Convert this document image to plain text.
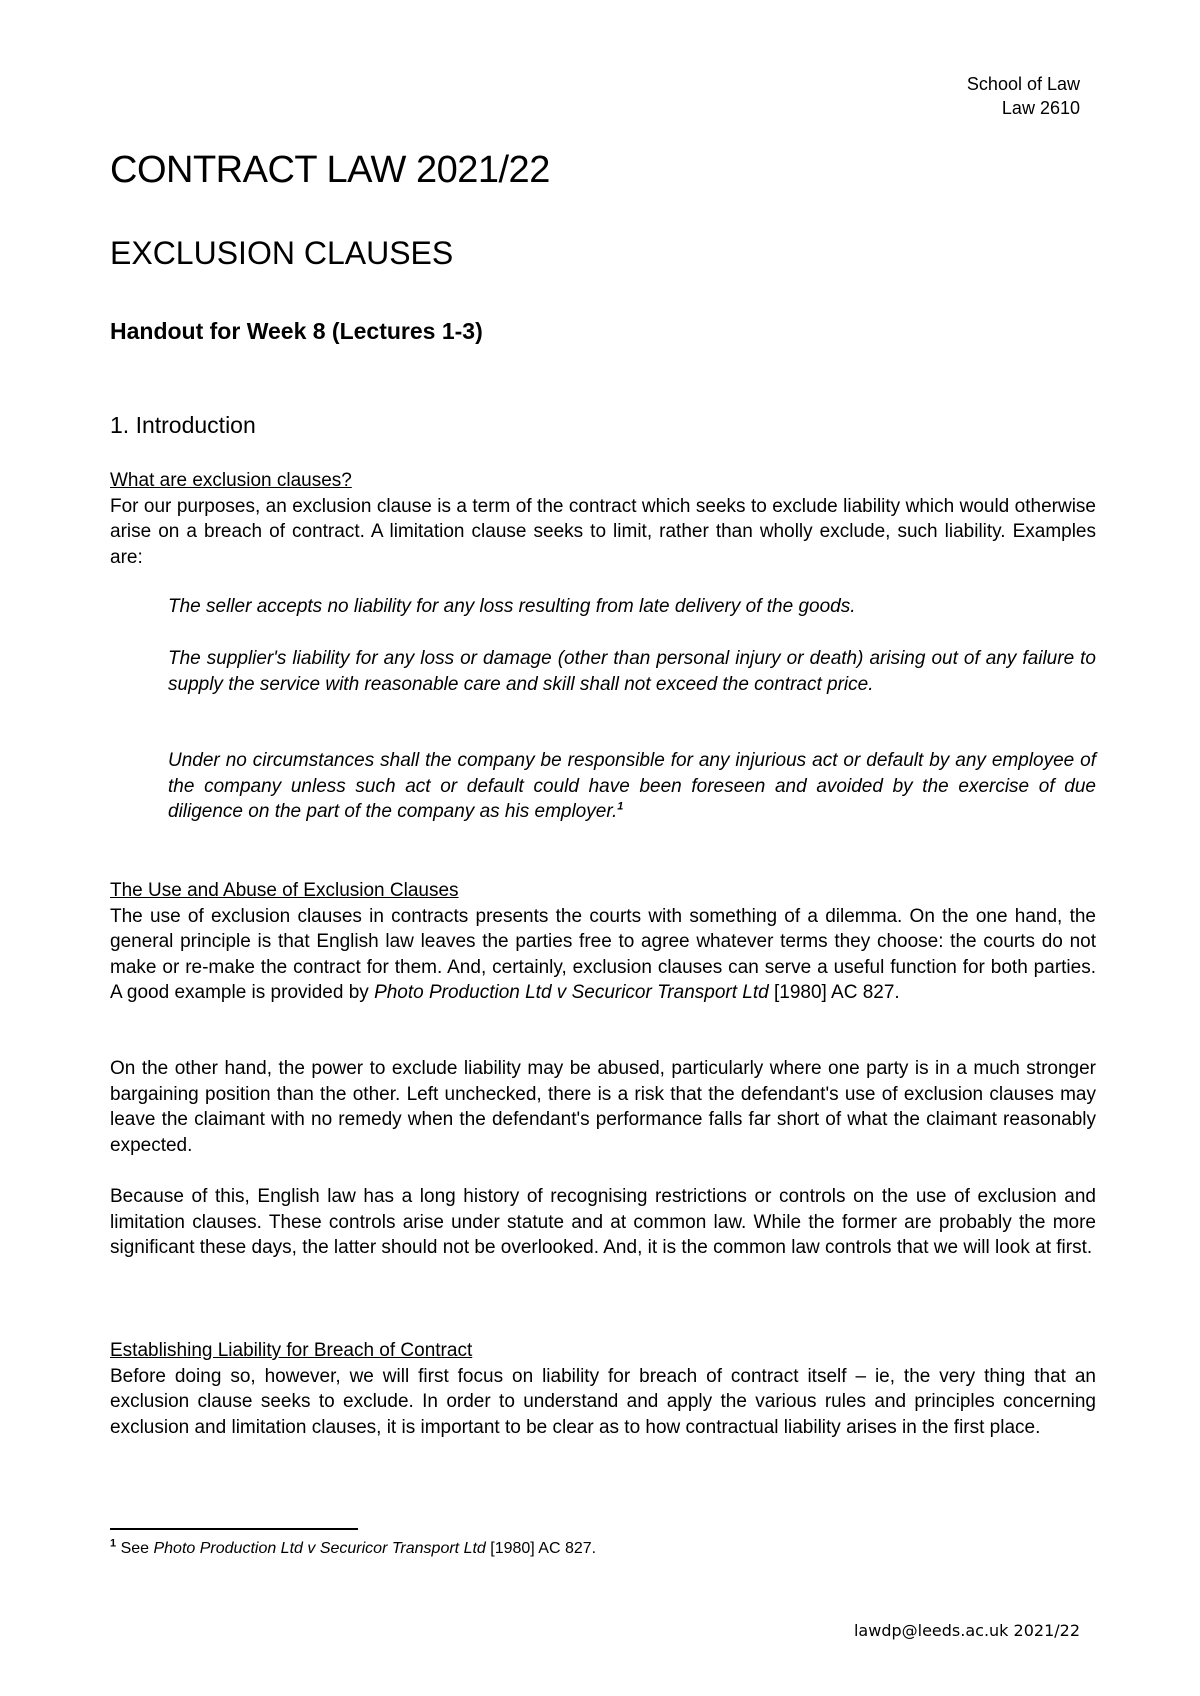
School of Law
Law 2610
CONTRACT LAW 2021/22
EXCLUSION CLAUSES
Handout for Week 8 (Lectures 1-3)
1. Introduction

What are exclusion clauses?

For our purposes, an exclusion clause is a term of the contract which seeks to exclude liability which would otherwise arise on a breach of contract. A limitation clause seeks to limit, rather than wholly exclude, such liability. Examples are:

The seller accepts no liability for any loss resulting from late delivery of the goods.

The supplier's liability for any loss or damage (other than personal injury or death) arising out of any failure to supply the service with reasonable care and skill shall not exceed the contract price.

Under no circumstances shall the company be responsible for any injurious act or default by any employee of the company unless such act or default could have been foreseen and avoided by the exercise of due diligence on the part of the company as his employer.$^1$

The Use and Abuse of Exclusion Clauses

The use of exclusion clauses in contracts presents the courts with something of a dilemma. On the one hand, the general principle is that English law leaves the parties free to agree whatever terms they choose: the courts do not make or re-make the contract for them. And, certainly, exclusion clauses can serve a useful function for both parties. A good example is provided by Photo Production Ltd v Securicor Transport Ltd [1980] AC 827.

On the other hand, the power to exclude liability may be abused, particularly where one party is in a much stronger bargaining position than the other. Left unchecked, there is a risk that the defendant's use of exclusion clauses may leave the claimant with no remedy when the defendant's performance falls far short of what the claimant reasonably expected.

Because of this, English law has a long history of recognising restrictions or controls on the use of exclusion and limitation clauses. These controls arise under statute and at common law. While the former are probably the more significant these days, the latter should not be overlooked. And, it is the common law controls that we will look at first.

Establishing Liability for Breach of Contract

Before doing so, however, we will first focus on liability for breach of contract itself – ie, the very thing that an exclusion clause seeks to exclude. In order to understand and apply the various rules and principles concerning exclusion and limitation clauses, it is important to be clear as to how contractual liability arises in the first place.

$^1$ See Photo Production Ltd v Securicor Transport Ltd [1980] AC 827.
lawdp@leeds.ac.uk 2021/22
